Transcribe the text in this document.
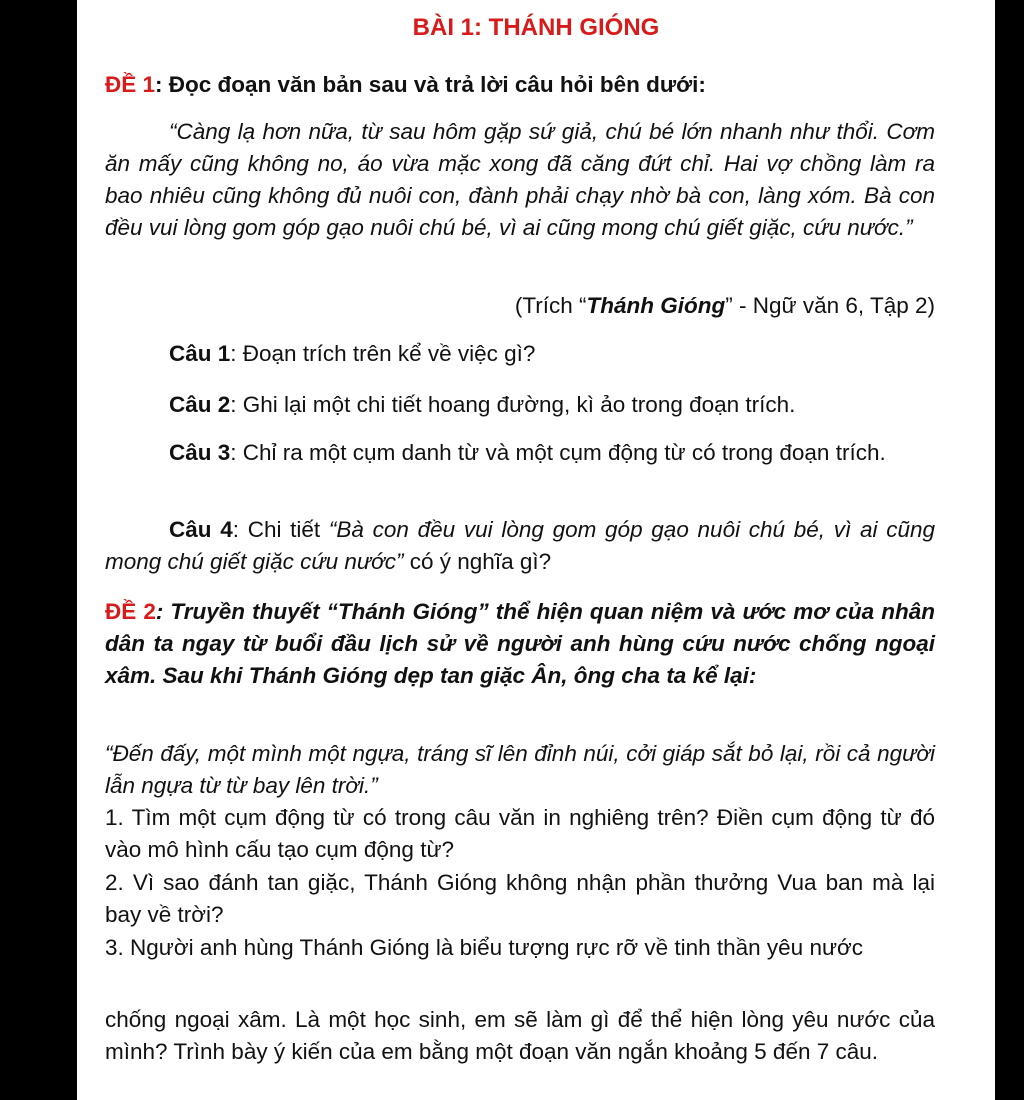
BÀI 1: THÁNH GIÓNG

ĐỀ 1: Đọc đoạn văn bản sau và trả lời câu hỏi bên dưới:

“Càng lạ hơn nữa, từ sau hôm gặp sứ giả, chú bé lớn nhanh như thổi. Cơm ăn mấy cũng không no, áo vừa mặc xong đã căng đứt chỉ. Hai vợ chồng làm ra bao nhiêu cũng không đủ nuôi con, đành phải chạy nhờ bà con, làng xóm. Bà con đều vui lòng gom góp gạo nuôi chú bé, vì ai cũng mong chú giết giặc, cứu nước.”

(Trích “Thánh Gióng” - Ngữ văn 6, Tập 2)

Câu 1: Đoạn trích trên kể về việc gì?

Câu 2: Ghi lại một chi tiết hoang đường, kì ảo trong đoạn trích.

Câu 3: Chỉ ra một cụm danh từ và một cụm động từ có trong đoạn trích.

Câu 4: Chi tiết “Bà con đều vui lòng gom góp gạo nuôi chú bé, vì ai cũng mong chú giết giặc cứu nước” có ý nghĩa gì?

ĐỀ 2: Truyền thuyết “Thánh Gióng” thể hiện quan niệm và ước mơ của nhân dân ta ngay từ buổi đầu lịch sử về người anh hùng cứu nước chống ngoại xâm. Sau khi Thánh Gióng dẹp tan giặc Ân, ông cha ta kể lại:

“Đến đấy, một mình một ngựa, tráng sĩ lên đỉnh núi, cởi giáp sắt bỏ lại, rồi cả người lẫn ngựa từ từ bay lên trời.”

1. Tìm một cụm động từ có trong câu văn in nghiêng trên? Điền cụm động từ đó vào mô hình cấu tạo cụm động từ?

2. Vì sao đánh tan giặc, Thánh Gióng không nhận phần thưởng Vua ban mà lại bay về trời?

3. Người anh hùng Thánh Gióng là biểu tượng rực rỡ về tinh thần yêu nước

chống ngoại xâm. Là một học sinh, em sẽ làm gì để thể hiện lòng yêu nước của mình? Trình bày ý kiến của em bằng một đoạn văn ngắn khoảng 5 đến 7 câu.
